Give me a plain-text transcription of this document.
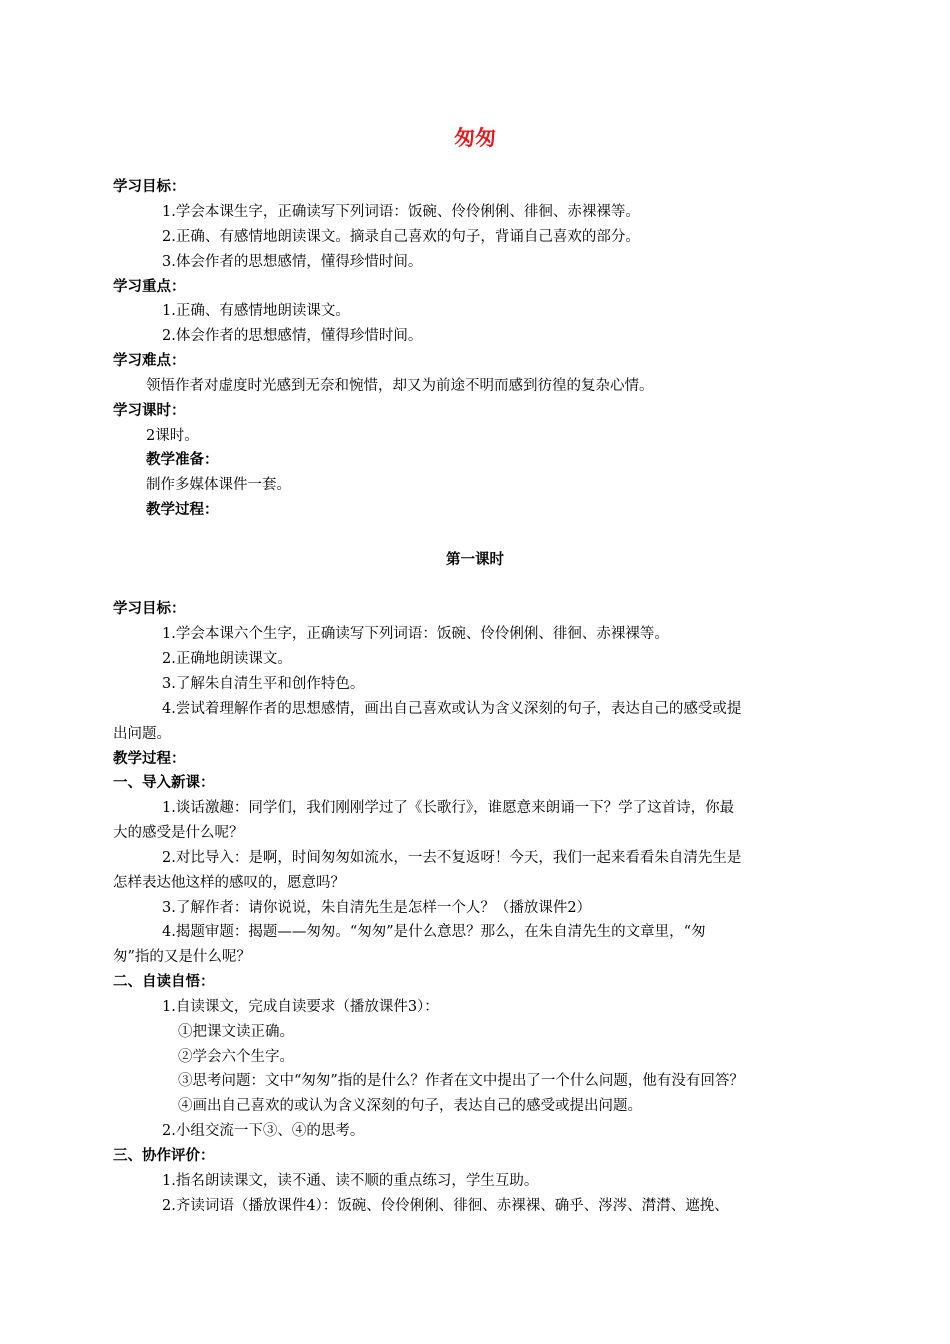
匆匆
学习目标：
1.学会本课生字，正确读写下列词语：饭碗、伶伶俐俐、徘徊、赤裸裸等。
2.正确、有感情地朗读课文。摘录自己喜欢的句子，背诵自己喜欢的部分。
3.体会作者的思想感情，懂得珍惜时间。
学习重点：
1.正确、有感情地朗读课文。
2.体会作者的思想感情，懂得珍惜时间。
学习难点：
领悟作者对虚度时光感到无奈和惋惜，却又为前途不明而感到彷徨的复杂心情。
学习课时：
2课时。
教学准备：
制作多媒体课件一套。
教学过程：
第一课时
学习目标：
1.学会本课六个生字，正确读写下列词语：饭碗、伶伶俐俐、徘徊、赤裸裸等。
2.正确地朗读课文。
3.了解朱自清生平和创作特色。
4.尝试着理解作者的思想感情，画出自己喜欢或认为含义深刻的句子，表达自己的感受或提
出问题。
教学过程：
一、导入新课：
1.谈话激趣：同学们，我们刚刚学过了《长歌行》，谁愿意来朗诵一下？学了这首诗，你最
大的感受是什么呢？
2.对比导入：是啊，时间匆匆如流水，一去不复返呀！今天，我们一起来看看朱自清先生是
怎样表达他这样的感叹的，愿意吗？
3.了解作者：请你说说，朱自清先生是怎样一个人？（播放课件2）
4.揭题审题：揭题——匆匆。“匆匆”是什么意思？那么，在朱自清先生的文章里，“匆
匆”指的又是什么呢？
二、自读自悟：
1.自读课文，完成自读要求（播放课件3）：
①把课文读正确。
②学会六个生字。
③思考问题：文中“匆匆”指的是什么？作者在文中提出了一个什么问题，他有没有回答？
④画出自己喜欢的或认为含义深刻的句子，表达自己的感受或提出问题。
2.小组交流一下③、④的思考。
三、协作评价：
1.指名朗读课文，读不通、读不顺的重点练习，学生互助。
2.齐读词语（播放课件4）：饭碗、伶伶俐俐、徘徊、赤裸裸、确乎、涔涔、潸潸、遮挽、
